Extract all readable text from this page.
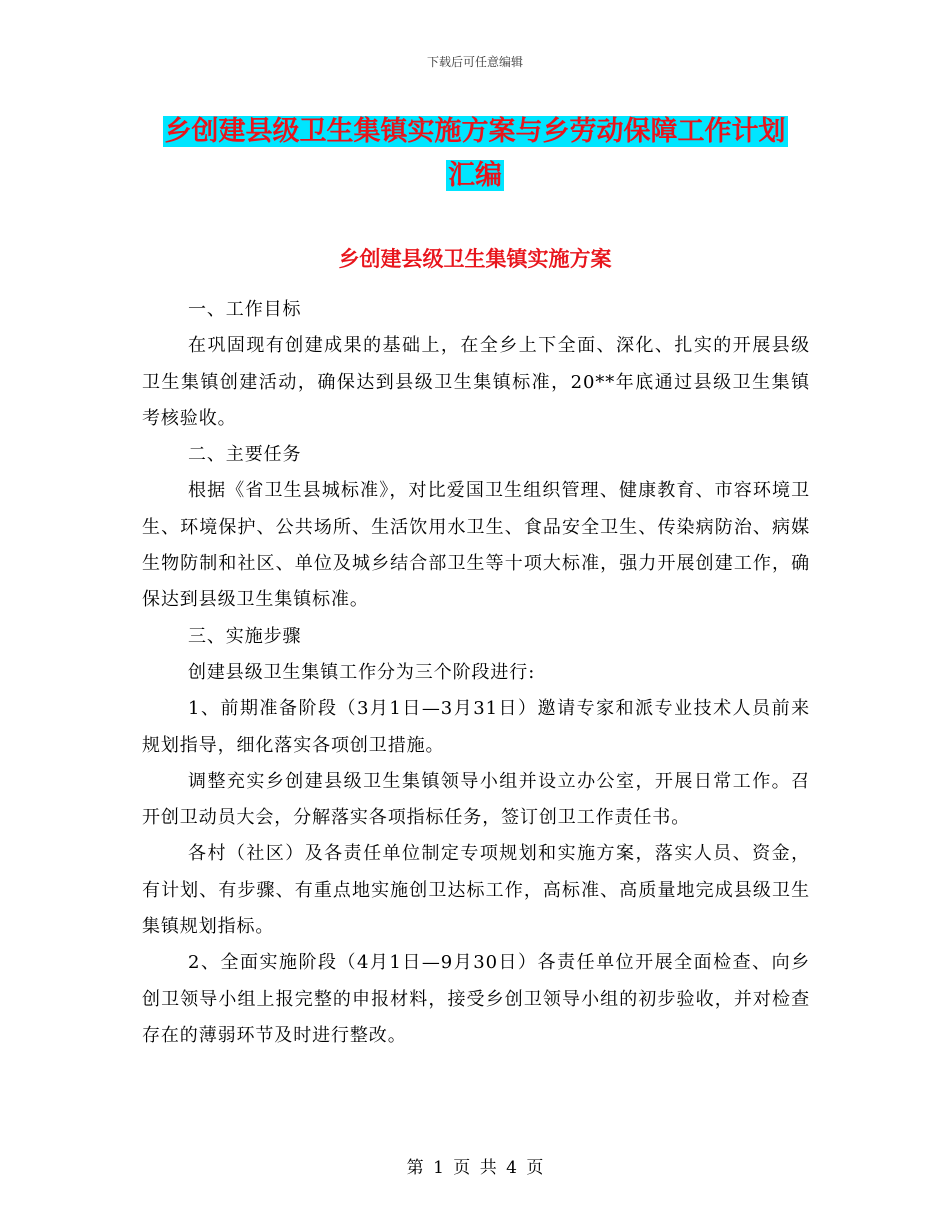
下载后可任意编辑
乡创建县级卫生集镇实施方案与乡劳动保障工作计划
汇编
乡创建县级卫生集镇实施方案

一、工作目标

在巩固现有创建成果的基础上，在全乡上下全面、深化、扎实的开展县级卫生集镇创建活动，确保达到县级卫生集镇标准，20**年底通过县级卫生集镇考核验收。

二、主要任务

根据《省卫生县城标准》，对比爱国卫生组织管理、健康教育、市容环境卫生、环境保护、公共场所、生活饮用水卫生、食品安全卫生、传染病防治、病媒生物防制和社区、单位及城乡结合部卫生等十项大标准，强力开展创建工作，确保达到县级卫生集镇标准。

三、实施步骤

创建县级卫生集镇工作分为三个阶段进行:

1、前期准备阶段（3月1日—3月31日）邀请专家和派专业技术人员前来规划指导，细化落实各项创卫措施。

调整充实乡创建县级卫生集镇领导小组并设立办公室，开展日常工作。召开创卫动员大会，分解落实各项指标任务，签订创卫工作责任书。

各村（社区）及各责任单位制定专项规划和实施方案，落实人员、资金，有计划、有步骤、有重点地实施创卫达标工作，高标准、高质量地完成县级卫生集镇规划指标。

2、全面实施阶段（4月1日—9月30日）各责任单位开展全面检查、向乡创卫领导小组上报完整的申报材料，接受乡创卫领导小组的初步验收，并对检查存在的薄弱环节及时进行整改。

第 1 页 共 4 页
